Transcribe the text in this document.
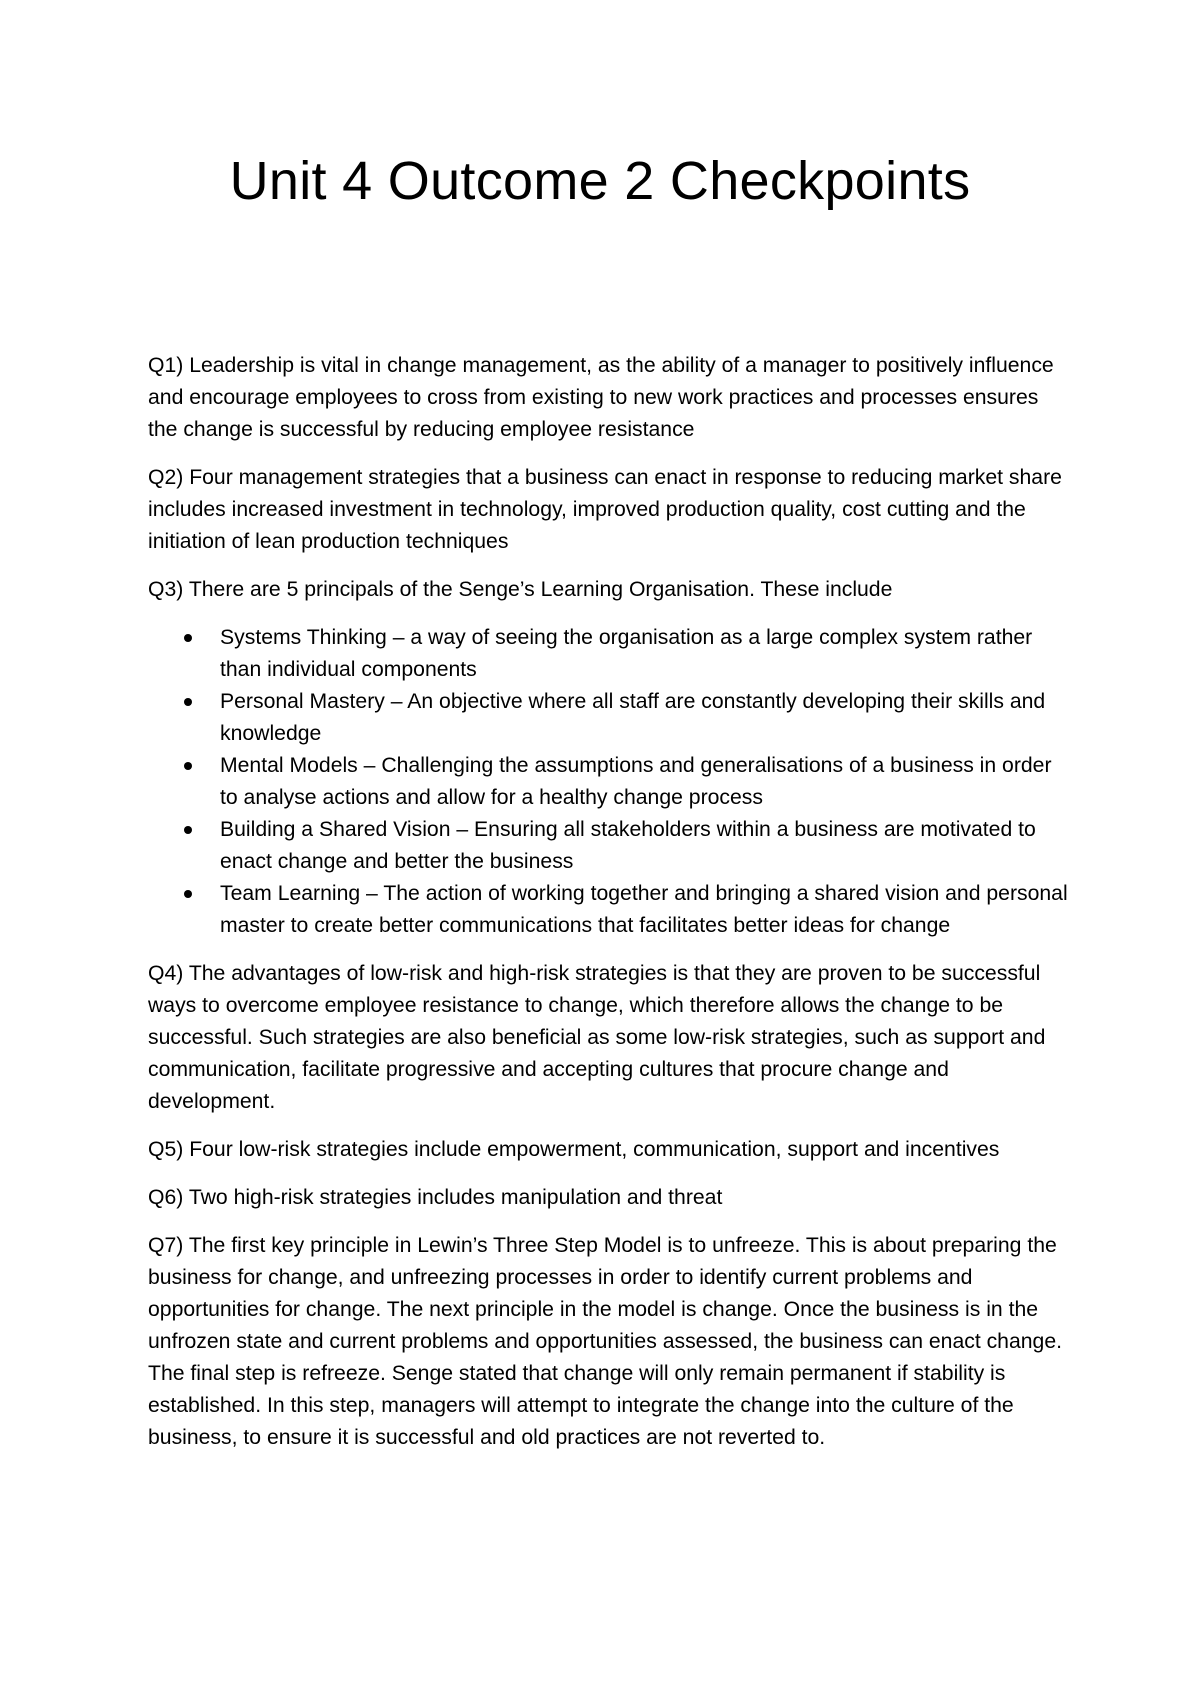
Unit 4 Outcome 2 Checkpoints

Q1) Leadership is vital in change management, as the ability of a manager to positively influence and encourage employees to cross from existing to new work practices and processes ensures the change is successful by reducing employee resistance

Q2) Four management strategies that a business can enact in response to reducing market share includes increased investment in technology, improved production quality, cost cutting and the initiation of lean production techniques

Q3) There are 5 principals of the Senge’s Learning Organisation. These include

Systems Thinking – a way of seeing the organisation as a large complex system rather than individual components
Personal Mastery – An objective where all staff are constantly developing their skills and knowledge
Mental Models – Challenging the assumptions and generalisations of a business in order to analyse actions and allow for a healthy change process
Building a Shared Vision – Ensuring all stakeholders within a business are motivated to enact change and better the business
Team Learning – The action of working together and bringing a shared vision and personal master to create better communications that facilitates better ideas for change

Q4) The advantages of low-risk and high-risk strategies is that they are proven to be successful ways to overcome employee resistance to change, which therefore allows the change to be successful. Such strategies are also beneficial as some low-risk strategies, such as support and communication, facilitate progressive and accepting cultures that procure change and development.

Q5) Four low-risk strategies include empowerment, communication, support and incentives

Q6) Two high-risk strategies includes manipulation and threat

Q7) The first key principle in Lewin’s Three Step Model is to unfreeze. This is about preparing the business for change, and unfreezing processes in order to identify current problems and opportunities for change. The next principle in the model is change. Once the business is in the unfrozen state and current problems and opportunities assessed, the business can enact change. The final step is refreeze. Senge stated that change will only remain permanent if stability is established. In this step, managers will attempt to integrate the change into the culture of the business, to ensure it is successful and old practices are not reverted to.
